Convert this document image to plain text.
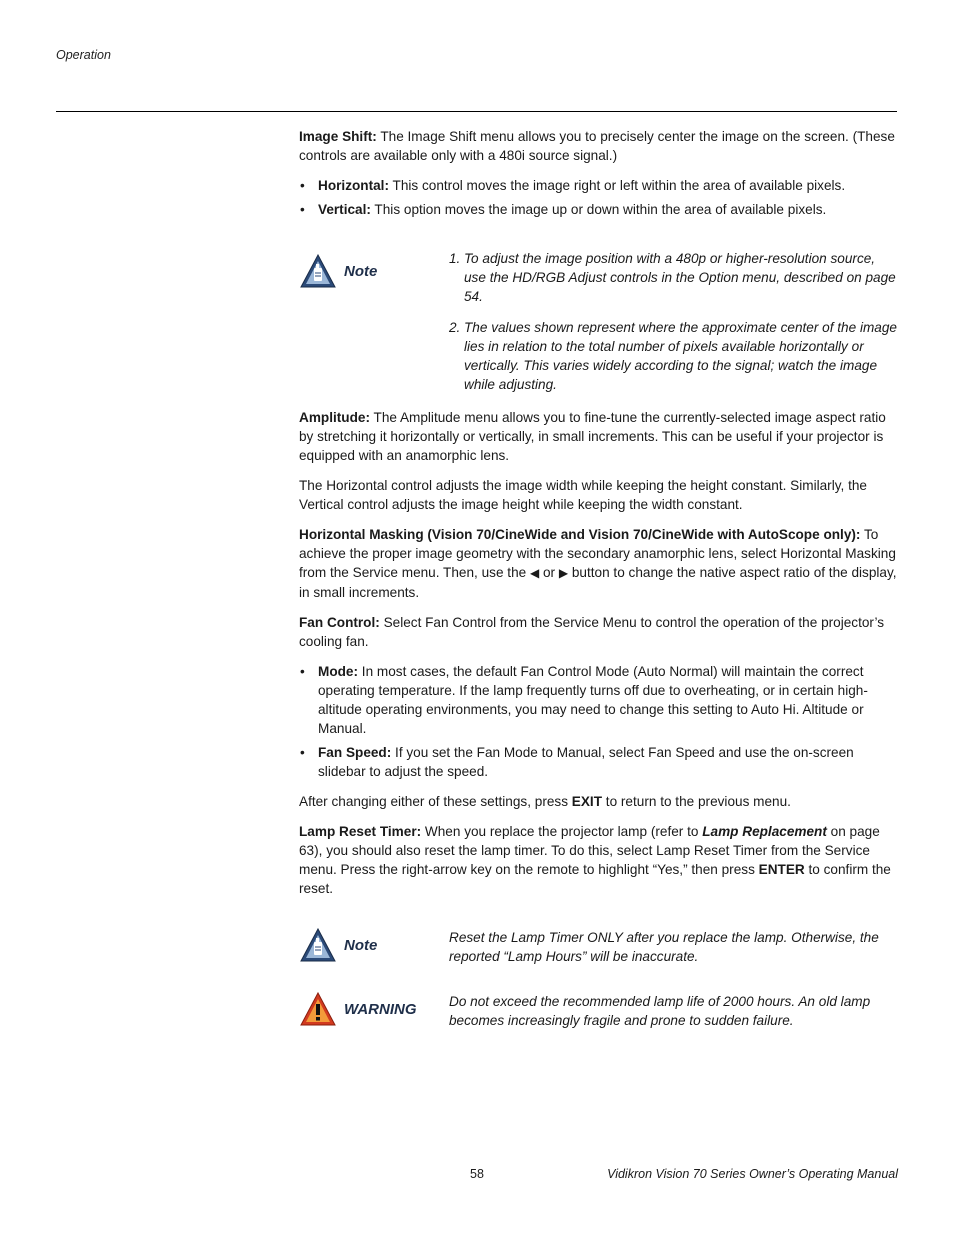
Operation

Image Shift: The Image Shift menu allows you to precisely center the image on the screen. (These controls are available only with a 480i source signal.)

• Horizontal: This control moves the image right or left within the area of available pixels.
• Vertical: This option moves the image up or down within the area of available pixels.
Note
1. To adjust the image position with a 480p or higher-resolution source, use the HD/RGB Adjust controls in the Option menu, described on page 54.
2. The values shown represent where the approximate center of the image lies in relation to the total number of pixels available horizontally or vertically. This varies widely according to the signal; watch the image while adjusting.

Amplitude: The Amplitude menu allows you to fine-tune the currently-selected image aspect ratio by stretching it horizontally or vertically, in small increments. This can be useful if your projector is equipped with an anamorphic lens.

The Horizontal control adjusts the image width while keeping the height constant. Similarly, the Vertical control adjusts the image height while keeping the width constant.

Horizontal Masking (Vision 70/CineWide and Vision 70/CineWide with AutoScope only): To achieve the proper image geometry with the secondary anamorphic lens, select Horizontal Masking from the Service menu. Then, use the ◀ or ▶ button to change the native aspect ratio of the display, in small increments.

Fan Control: Select Fan Control from the Service Menu to control the operation of the projector’s cooling fan.

• Mode: In most cases, the default Fan Control Mode (Auto Normal) will maintain the correct operating temperature. If the lamp frequently turns off due to overheating, or in certain high-altitude operating environments, you may need to change this setting to Auto Hi. Altitude or Manual.
• Fan Speed: If you set the Fan Mode to Manual, select Fan Speed and use the on-screen slidebar to adjust the speed.

After changing either of these settings, press EXIT to return to the previous menu.

Lamp Reset Timer: When you replace the projector lamp (refer to Lamp Replacement on page 63), you should also reset the lamp timer. To do this, select Lamp Reset Timer from the Service menu. Press the right-arrow key on the remote to highlight “Yes,” then press ENTER to confirm the reset.

Note	Reset the Lamp Timer ONLY after you replace the lamp. Otherwise, the reported “Lamp Hours” will be inaccurate.
WARNING Do not exceed the recommended lamp life of 2000 hours. An old lamp becomes increasingly fragile and prone to sudden failure.
58	Vidikron Vision 70 Series Owner’s Operating Manual
